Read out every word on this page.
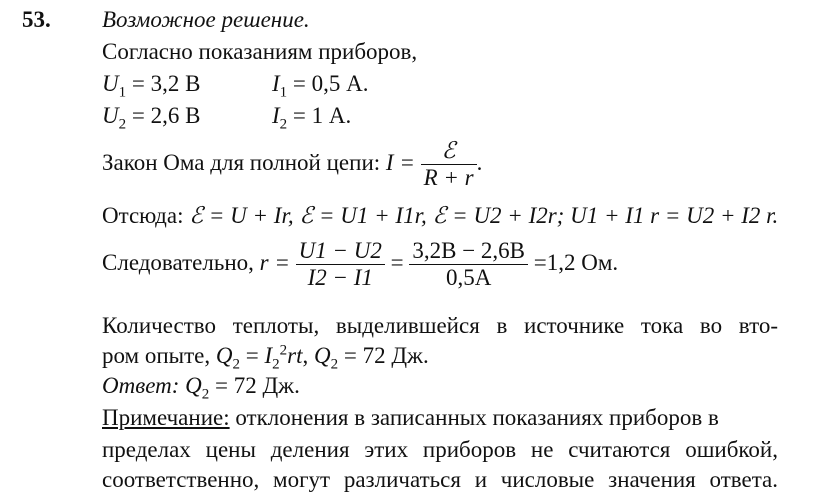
53. Возможное решение.
Согласно показаниям приборов,
$U_1 = 3,2$ В	$I_1 = 0,5$ А.
$U_2 = 2,6$ В	$I_2 = 1$ А.
Закон Ома для полной цепи: $I = \frac{\text{ℰ}}{R + r}$ .
Отсюда: ℰ = U + Ir, ℰ = U1 + I1r, ℰ = U2 + I2r; U1 + I1 r = U2 + I2 r.
Следовательно, $r = \frac{U1 - U2}{I2 - I1} = \frac{3,2В - 2,6В}{0,5А} =1,2$ Ом.
Количество теплоты, выделившейся в источнике тока во вто-
ром опыте, $Q_2 = I_2^2rt$, $Q_2 = 72$ Дж.
Ответ: $Q_2 = 72$ Дж.
Примечание: отклонения в записанных показаниях приборов в
пределах цены деления этих приборов не считаются ошибкой,
соответственно, могут различаться и числовые значения ответа.
